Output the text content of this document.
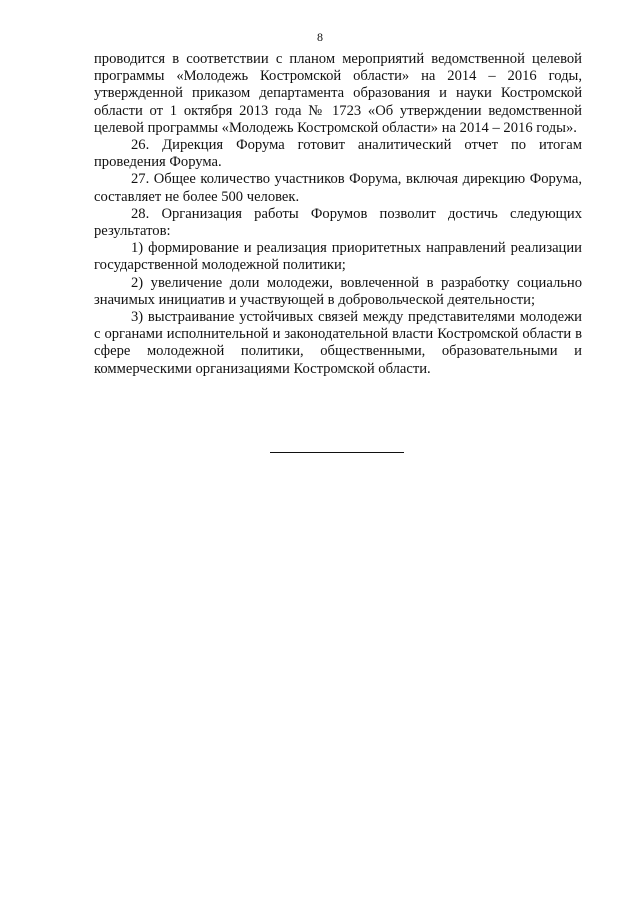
8

проводится в соответствии с планом мероприятий ведомственной целевой программы «Молодежь Костромской области» на 2014 – 2016 годы, утвержденной приказом департамента образования и науки Костромской области от 1 октября 2013 года № 1723 «Об утверждении ведомственной целевой программы «Молодежь Костромской области» на 2014 – 2016 годы».

26. Дирекция Форума готовит аналитический отчет по итогам проведения Форума.

27. Общее количество участников Форума, включая дирекцию Форума, составляет не более 500 человек.

28. Организация работы Форумов позволит достичь следующих результатов:

1) формирование и реализация приоритетных направлений реализации государственной молодежной политики;

2) увеличение доли молодежи, вовлеченной в разработку социально значимых инициатив и участвующей в добровольческой деятельности;

3) выстраивание устойчивых связей между представителями молодежи с органами исполнительной и законодательной власти Костромской области в сфере молодежной политики, общественными, образовательными и коммерческими организациями Костромской области.
